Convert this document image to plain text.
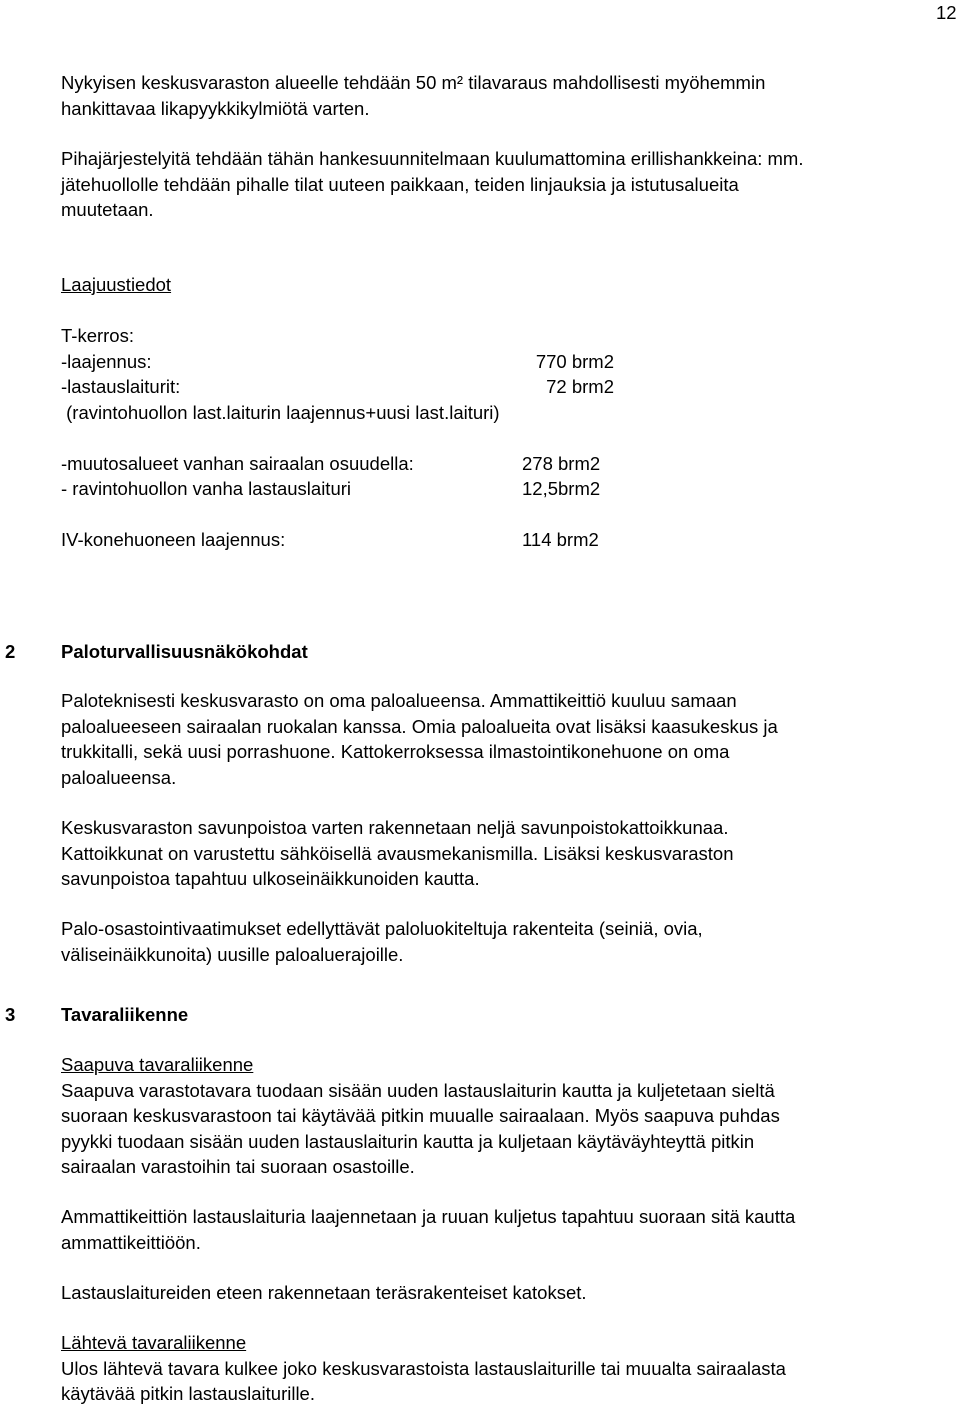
12

Nykyisen keskusvaraston alueelle tehdään 50 m² tilavaraus mahdollisesti myöhemmin

hankittavaa likapyykkikylmiötä varten.

Pihajärjestelyitä tehdään tähän hankesuunnitelmaan kuulumattomina erillishankkeina: mm.

jätehuollolle tehdään pihalle tilat uuteen paikkaan, teiden linjauksia ja istutusalueita

muutetaan.

Laajuustiedot
T-kerros:
-laajennus:	770 brm2
-lastauslaiturit:	72 brm2
(ravintohuollon last.laiturin laajennus+uusi last.laituri)
-muutosalueet vanhan sairaalan osuudella:	278 brm2
- ravintohuollon vanha lastauslaituri	12,5brm2
IV-konehuoneen laajennus:	114 brm2
2 Paloturvallisuusnäkökohdat

Paloteknisesti keskusvarasto on oma paloalueensa. Ammattikeittiö kuuluu samaan

paloalueeseen sairaalan ruokalan kanssa. Omia paloalueita ovat lisäksi kaasukeskus ja

trukkitalli, sekä uusi porrashuone. Kattokerroksessa ilmastointikonehuone on oma

paloalueensa.

Keskusvaraston savunpoistoa varten rakennetaan neljä savunpoistokattoikkunaa.

Kattoikkunat on varustettu sähköisellä avausmekanismilla. Lisäksi keskusvaraston

savunpoistoa tapahtuu ulkoseinäikkunoiden kautta.

Palo-osastointivaatimukset edellyttävät paloluokiteltuja rakenteita (seiniä, ovia,

väliseinäikkunoita) uusille paloaluerajoille.

3 Tavaraliikenne

Saapuva tavaraliikenne

Saapuva varastotavara tuodaan sisään uuden lastauslaiturin kautta ja kuljetetaan sieltä

suoraan keskusvarastoon tai käytävää pitkin muualle sairaalaan. Myös saapuva puhdas

pyykki tuodaan sisään uuden lastauslaiturin kautta ja kuljetaan käytäväyhteyttä pitkin

sairaalan varastoihin tai suoraan osastoille.

Ammattikeittiön lastauslaituria laajennetaan ja ruuan kuljetus tapahtuu suoraan sitä kautta

ammattikeittiöön.

Lastauslaitureiden eteen rakennetaan teräsrakenteiset katokset.

Lähtevä tavaraliikenne

Ulos lähtevä tavara kulkee joko keskusvarastoista lastauslaiturille tai muualta sairaalasta

käytävää pitkin lastauslaiturille.
